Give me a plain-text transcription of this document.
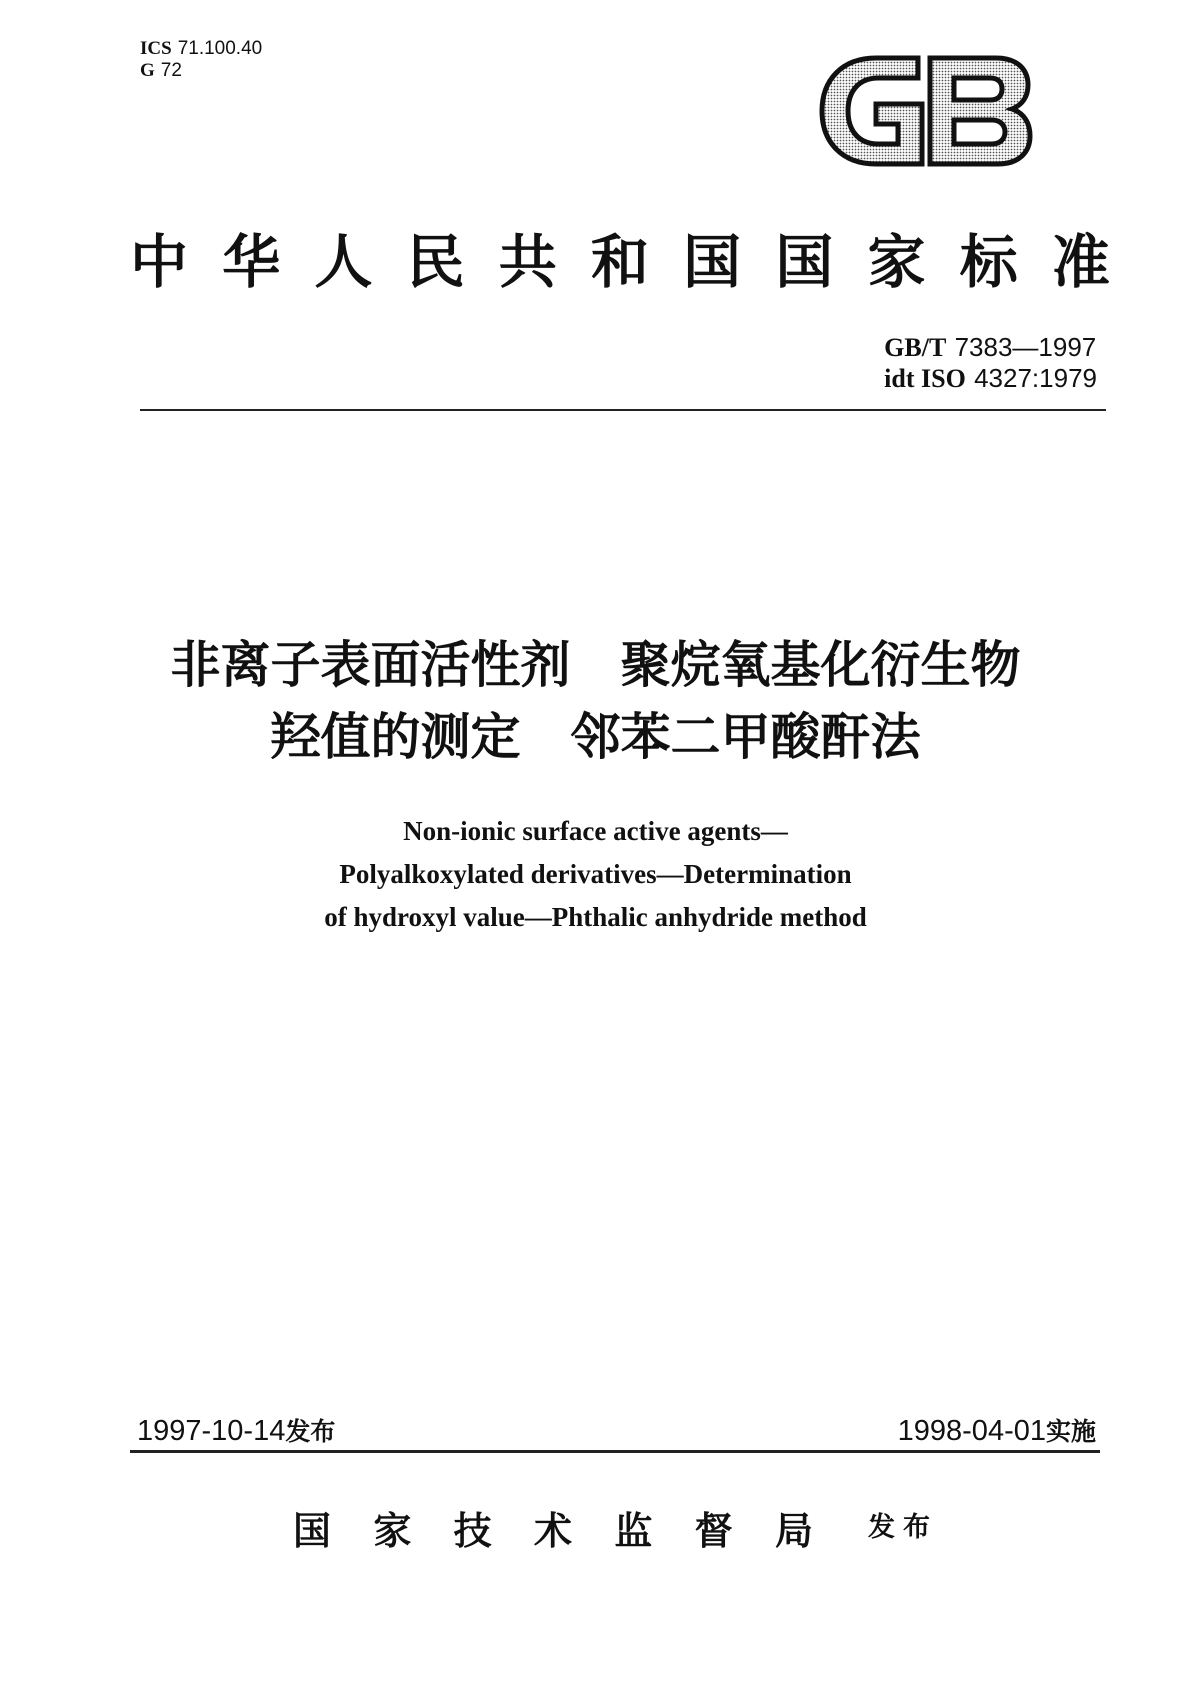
ICS 71.100.40
G 72
中 华 人 民 共 和 国 国 家 标 准
GB/T 7383—1997
idt ISO 4327:1979
非离子表面活性剂 聚烷氧基化衍生物
羟值的测定 邻苯二甲酸酐法
Non-ionic surface active agents—
Polyalkoxylated derivatives—Determination
of hydroxyl value—Phthalic anhydride method
1997-10-14发布	1998-04-01实施
国 家 技 术 监 督 局 发布
